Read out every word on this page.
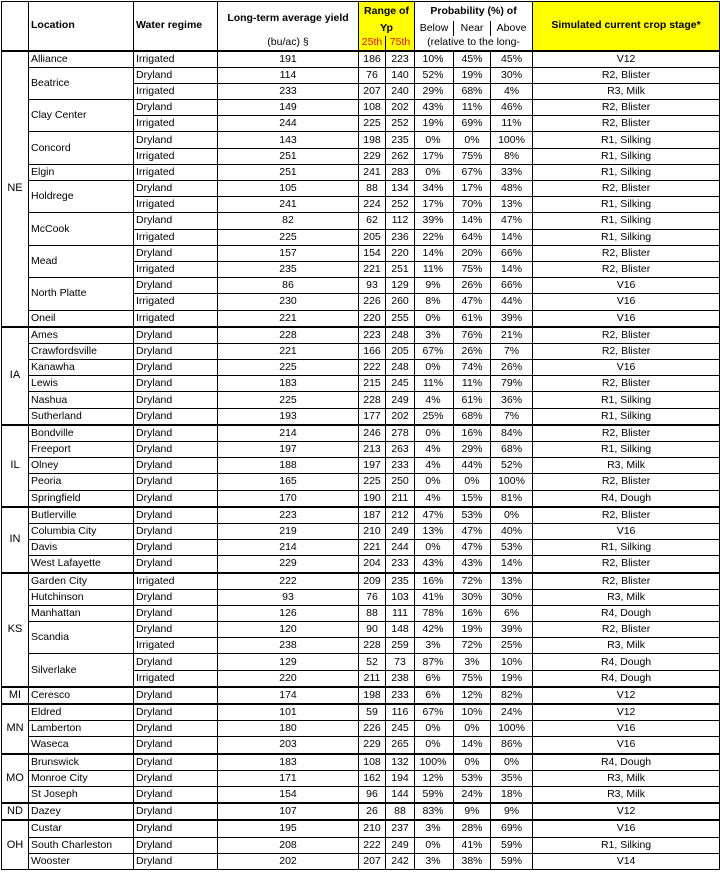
	Location	Water regime	Long-term average yield	Range of		Probability (%) of			Simulated current crop stage*
				Yp		Below	Near	Above	
			(bu/ac) §	25th	75th	(relative to the long-			
NE	Alliance	Irrigated	191	186	223	10%	45%	45%	V12
	Beatrice	Dryland	114	76	140	52%	19%	30%	R2, Blister
		Irrigated	233	207	240	29%	68%	4%	R3, Milk
	Clay Center	Dryland	149	108	202	43%	11%	46%	R2, Blister
		Irrigated	244	225	252	19%	69%	11%	R2, Blister
	Concord	Dryland	143	198	235	0%	0%	100%	R1, Silking
		Irrigated	251	229	262	17%	75%	8%	R1, Silking
	Elgin	Irrigated	251	241	283	0%	67%	33%	R1, Silking
	Holdrege	Dryland	105	88	134	34%	17%	48%	R2, Blister
		Irrigated	241	224	252	17%	70%	13%	R1, Silking
	McCook	Dryland	82	62	112	39%	14%	47%	R1, Silking
		Irrigated	225	205	236	22%	64%	14%	R1, Silking
	Mead	Dryland	157	154	220	14%	20%	66%	R2, Blister
		Irrigated	235	221	251	11%	75%	14%	R2, Blister
	North Platte	Dryland	86	93	129	9%	26%	66%	V16
		Irrigated	230	226	260	8%	47%	44%	V16
	Oneil	Irrigated	221	220	255	0%	61%	39%	V16
IA	Ames	Dryland	228	223	248	3%	76%	21%	R2, Blister
	Crawfordsville	Dryland	221	166	205	67%	26%	7%	R2, Blister
	Kanawha	Dryland	225	222	248	0%	74%	26%	V16
	Lewis	Dryland	183	215	245	11%	11%	79%	R2, Blister
	Nashua	Dryland	225	228	249	4%	61%	36%	R1, Silking
	Sutherland	Dryland	193	177	202	25%	68%	7%	R1, Silking
IL	Bondville	Dryland	214	246	278	0%	16%	84%	R2, Blister
	Freeport	Dryland	197	213	263	4%	29%	68%	R1, Silking
	Olney	Dryland	188	197	233	4%	44%	52%	R3, Milk
	Peoria	Dryland	165	225	250	0%	0%	100%	R2, Blister
	Springfield	Dryland	170	190	211	4%	15%	81%	R4, Dough
IN	Butlerville	Dryland	223	187	212	47%	53%	0%	R2, Blister
	Columbia City	Dryland	219	210	249	13%	47%	40%	V16
	Davis	Dryland	214	221	244	0%	47%	53%	R1, Silking
	West Lafayette	Dryland	229	204	233	43%	43%	14%	R2, Blister
KS	Garden City	Irrigated	222	209	235	16%	72%	13%	R2, Blister
	Hutchinson	Dryland	93	76	103	41%	30%	30%	R3, Milk
	Manhattan	Dryland	126	88	111	78%	16%	6%	R4, Dough
	Scandia	Dryland	120	90	148	42%	19%	39%	R2, Blister
		Irrigated	238	228	259	3%	72%	25%	R3, Milk
	Silverlake	Dryland	129	52	73	87%	3%	10%	R4, Dough
		Irrigated	220	211	238	6%	75%	19%	R4, Dough
MI	Ceresco	Dryland	174	198	233	6%	12%	82%	V12
MN	Eldred	Dryland	101	59	116	67%	10%	24%	V12
	Lamberton	Dryland	180	226	245	0%	0%	100%	V16
	Waseca	Dryland	203	229	265	0%	14%	86%	V16
MO	Brunswick	Dryland	183	108	132	100%	0%	0%	R4, Dough
	Monroe City	Dryland	171	162	194	12%	53%	35%	R3, Milk
	St Joseph	Dryland	154	96	144	59%	24%	18%	R3, Milk
ND	Dazey	Dryland	107	26	88	83%	9%	9%	V12
OH	Custar	Dryland	195	210	237	3%	28%	69%	V16
	South Charleston	Dryland	208	222	249	0%	41%	59%	R1, Silking
	Wooster	Dryland	202	207	242	3%	38%	59%	V14
